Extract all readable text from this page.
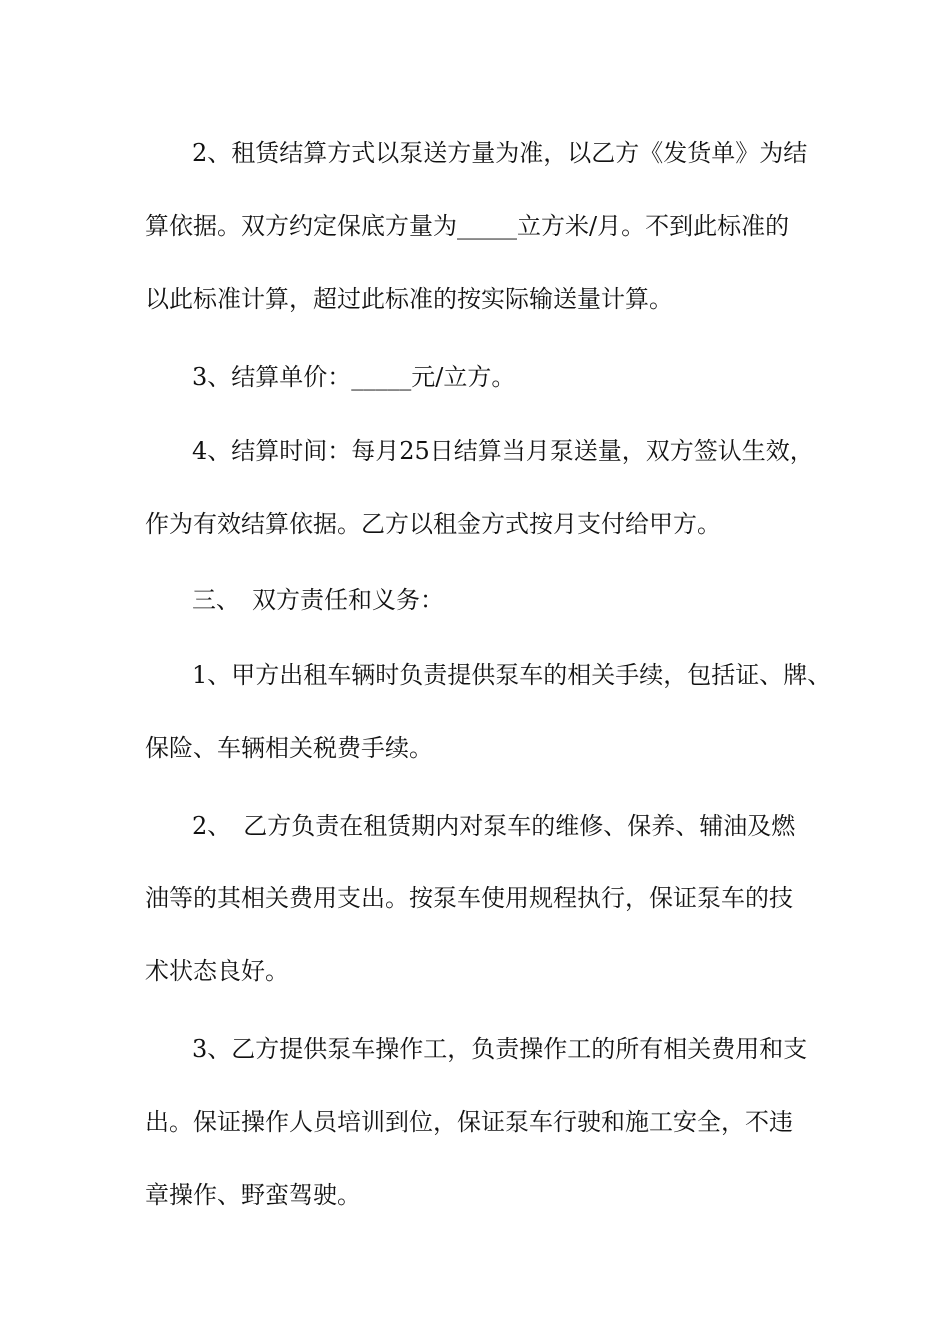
2、租赁结算方式以泵送方量为准，以乙方《发货单》为结
算依据。双方约定保底方量为_____立方米/月。不到此标准的
以此标准计算，超过此标准的按实际输送量计算。
3、结算单价：_____元/立方。
4、结算时间：每月25日结算当月泵送量，双方签认生效，
作为有效结算依据。乙方以租金方式按月支付给甲方。
三、　双方责任和义务：
1、甲方出租车辆时负责提供泵车的相关手续，包括证、牌、
保险、车辆相关税费手续。
2、　乙方负责在租赁期内对泵车的维修、保养、辅油及燃
油等的其相关费用支出。按泵车使用规程执行，保证泵车的技
术状态良好。
3、乙方提供泵车操作工，负责操作工的所有相关费用和支
出。保证操作人员培训到位，保证泵车行驶和施工安全，不违
章操作、野蛮驾驶。
